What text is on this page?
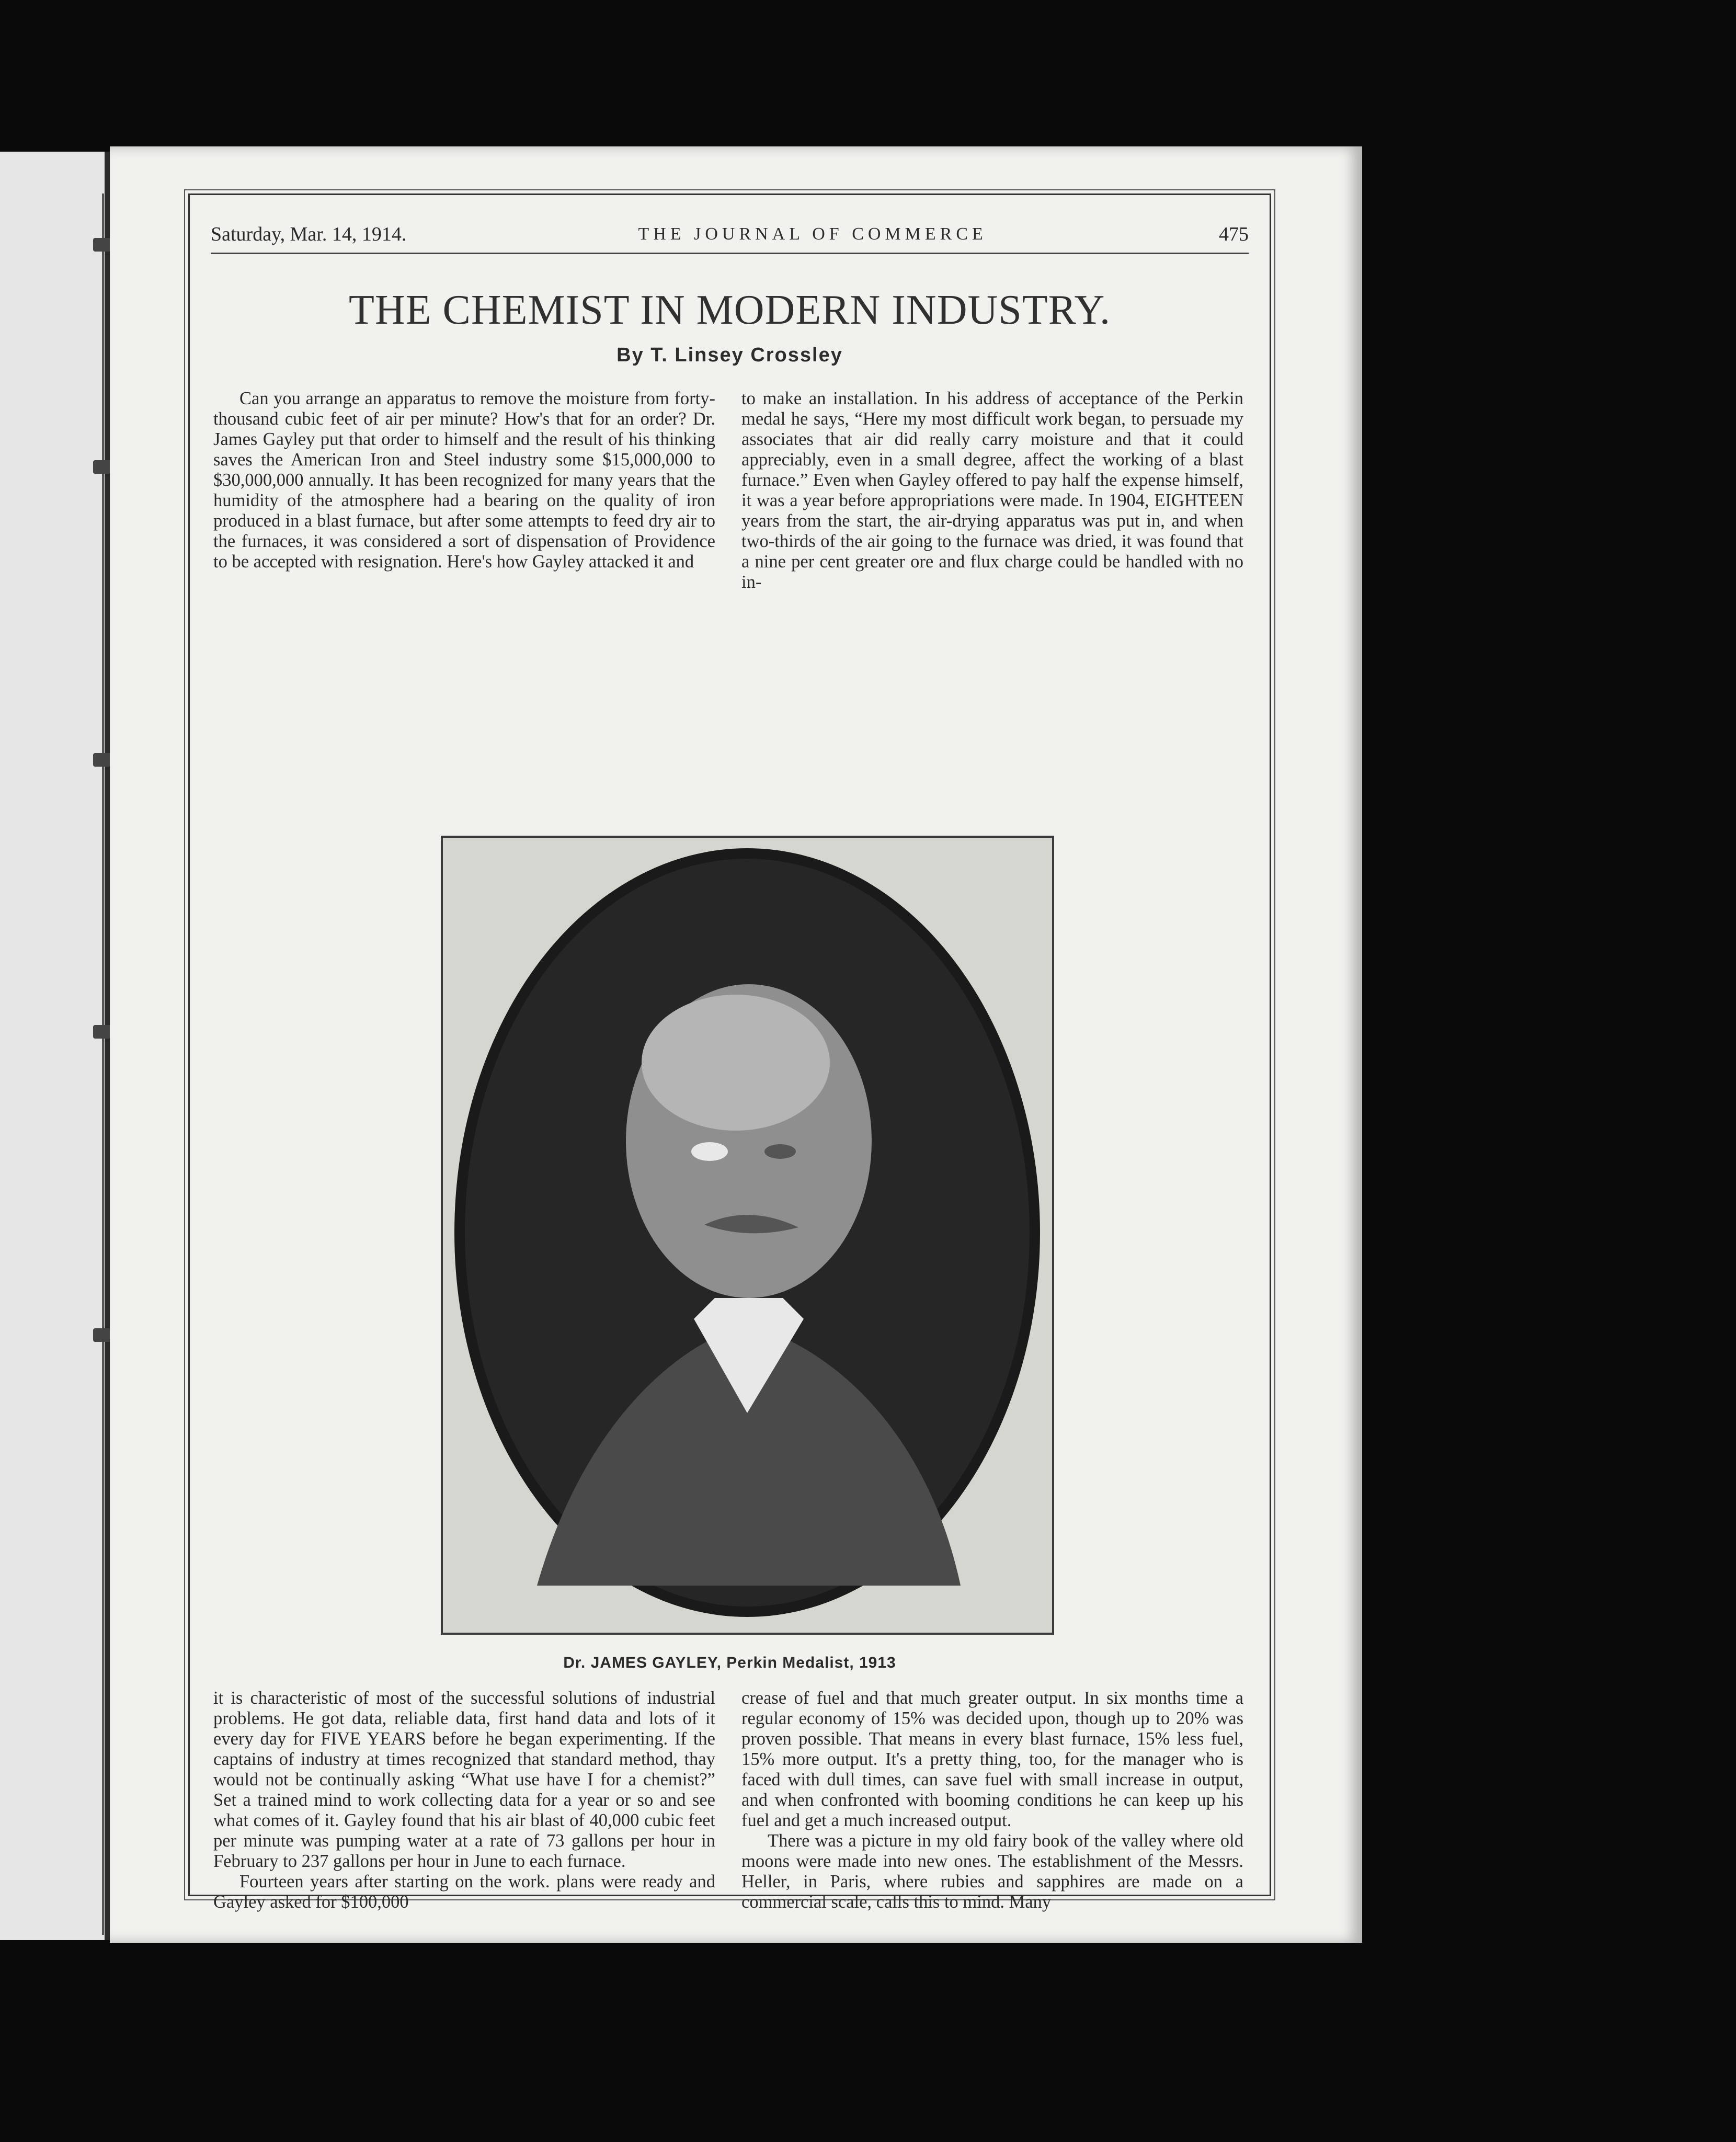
Saturday, Mar. 14, 1914.	THE JOURNAL OF COMMERCE	475
THE CHEMIST IN MODERN INDUSTRY.
By T. Linsey Crossley

Can you arrange an apparatus to remove the moisture from forty-thousand cubic feet of air per minute? How's that for an order? Dr. James Gayley put that order to himself and the result of his thinking saves the American Iron and Steel industry some $15,000,000 to $30,000,000 annually. It has been recognized for many years that the humidity of the atmosphere had a bearing on the quality of iron produced in a blast furnace, but after some attempts to feed dry air to the furnaces, it was considered a sort of dispensation of Providence to be accepted with resignation. Here's how Gayley attacked it and

to make an installation. In his address of acceptance of the Perkin medal he says, “Here my most difficult work began, to persuade my associates that air did really carry moisture and that it could appreciably, even in a small degree, affect the working of a blast furnace.” Even when Gayley offered to pay half the expense himself, it was a year before appropriations were made. In 1904, EIGHTEEN years from the start, the air-drying apparatus was put in, and when two-thirds of the air going to the furnace was dried, it was found that a nine per cent greater ore and flux charge could be handled with no in-

Dr. JAMES GAYLEY, Perkin Medalist, 1913

it is characteristic of most of the successful solutions of industrial problems. He got data, reliable data, first hand data and lots of it every day for FIVE YEARS before he began experimenting. If the captains of industry at times recognized that standard method, thay would not be continually asking “What use have I for a chemist?” Set a trained mind to work collecting data for a year or so and see what comes of it. Gayley found that his air blast of 40,000 cubic feet per minute was pumping water at a rate of 73 gallons per hour in February to 237 gallons per hour in June to each furnace.

Fourteen years after starting on the work. plans were ready and Gayley asked for $100,000

crease of fuel and that much greater output. In six months time a regular economy of 15% was decided upon, though up to 20% was proven possible. That means in every blast furnace, 15% less fuel, 15% more output. It's a pretty thing, too, for the manager who is faced with dull times, can save fuel with small increase in output, and when confronted with booming conditions he can keep up his fuel and get a much increased output.

There was a picture in my old fairy book of the valley where old moons were made into new ones. The establishment of the Messrs. Heller, in Paris, where rubies and sapphires are made on a commercial scale, calls this to mind. Many
